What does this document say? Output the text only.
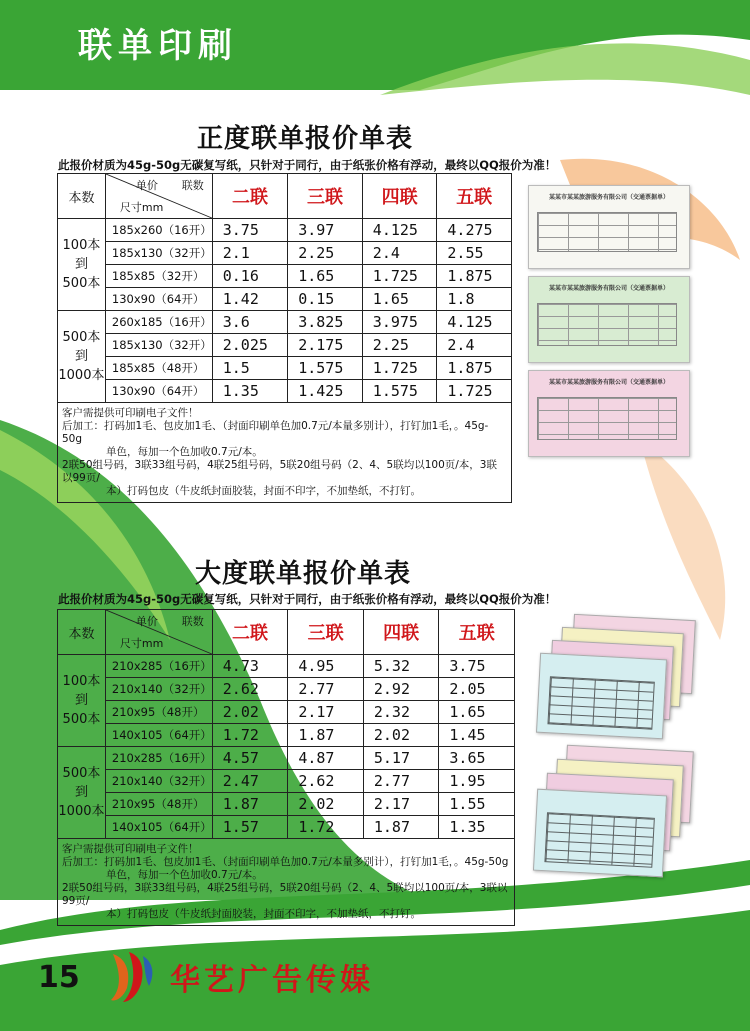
联单印刷
正度联单报价单表
此报价材质为45g-50g无碳复写纸，只针对于同行，由于纸张价格有浮动，最终以QQ报价为准！
本数	单价 联数
尺寸mm	二联	三联	四联	五联

100本
到
500本	185x260（16开）	3.75	3.97	4.125	4.275
	185x130（32开）	2.1	2.25	2.4	2.55
	185x85（32开）	0.16	1.65	1.725	1.875
	130x90（64开）	1.42	0.15	1.65	1.8

500本
到
1000本	260x185（16开）	3.6	3.825	3.975	4.125
	185x130（32开）	2.025	2.175	2.25	2.4
	185x85（48开）	1.5	1.575	1.725	1.875
	130x90（64开）	1.35	1.425	1.575	1.725

客户需提供可印刷电子文件！

后加工：打码加1毛、包皮加1毛、（封面印刷单色加0.7元/本量多别计），打钉加1毛，。45g-50g

单色，每加一个色加收0.7元/本。

2联50组号码，3联33组号码，4联25组号码，5联20组号码（2、4、5联均以100页/本，3联以99页/

本）打码包皮（牛皮纸封面胶装，封面不印字，不加垫纸，不打钉。					

某某市某某旅游服务有限公司（交通票据单）
某某市某某旅游服务有限公司（交通票据单）
某某市某某旅游服务有限公司（交通票据单）
大度联单报价单表
此报价材质为45g-50g无碳复写纸，只针对于同行，由于纸张价格有浮动，最终以QQ报价为准！
本数	单价 联数
尺寸mm	二联	三联	四联	五联

100本
到
500本	210x285（16开）	4.73	4.95	5.32	3.75
	210x140（32开）	2.62	2.77	2.92	2.05
	210x95（48开）	2.02	2.17	2.32	1.65
	140x105（64开）	1.72	1.87	2.02	1.45

500本
到
1000本	210x285（16开）	4.57	4.87	5.17	3.65
	210x140（32开）	2.47	2.62	2.77	1.95
	210x95（48开）	1.87	2.02	2.17	1.55
	140x105（64开）	1.57	1.72	1.87	1.35

客户需提供可印刷电子文件！

后加工：打码加1毛、包皮加1毛、（封面印刷单色加0.7元/本量多别计），打钉加1毛，。45g-50g

单色，每加一个色加收0.7元/本。

2联50组号码，3联33组号码，4联25组号码，5联20组号码（2、4、5联均以100页/本，3联以99页/

本）打码包皮（牛皮纸封面胶装，封面不印字，不加垫纸，不打钉。					

15	华艺广告传媒
